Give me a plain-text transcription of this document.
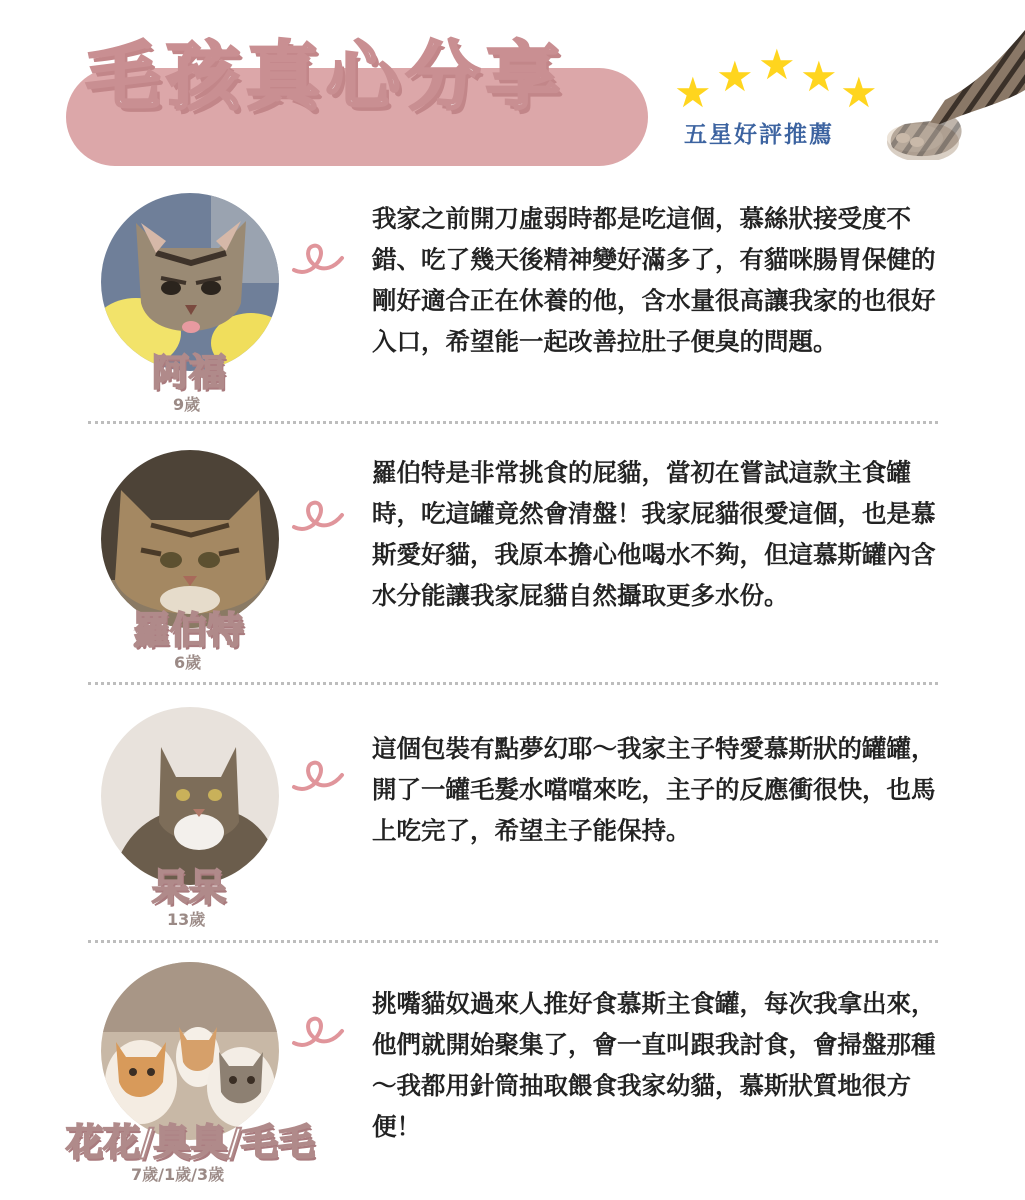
毛孩真心分享	★ ★ ★ ★ ★
五星好評推薦
阿福
9歲
我家之前開刀虛弱時都是吃這個，慕絲狀接受度不錯、吃了幾天後精神變好滿多了，有貓咪腸胃保健的剛好適合正在休養的他，含水量很高讓我家的也很好入口，希望能一起改善拉肚子便臭的問題。
羅伯特
6歲
羅伯特是非常挑食的屁貓，當初在嘗試這款主食罐時，吃這罐竟然會清盤！我家屁貓很愛這個，也是慕斯愛好貓，我原本擔心他喝水不夠，但這慕斯罐內含水分能讓我家屁貓自然攝取更多水份。
呆呆
13歲
這個包裝有點夢幻耶～我家主子特愛慕斯狀的罐罐，開了一罐毛髮水噹噹來吃，主子的反應衝很快，也馬上吃完了，希望主子能保持。
花花/臭臭/毛毛
7歲/1歲/3歲
挑嘴貓奴過來人推好食慕斯主食罐，每次我拿出來，他們就開始聚集了，會一直叫跟我討食，會掃盤那種～我都用針筒抽取餵食我家幼貓，慕斯狀質地很方便！
